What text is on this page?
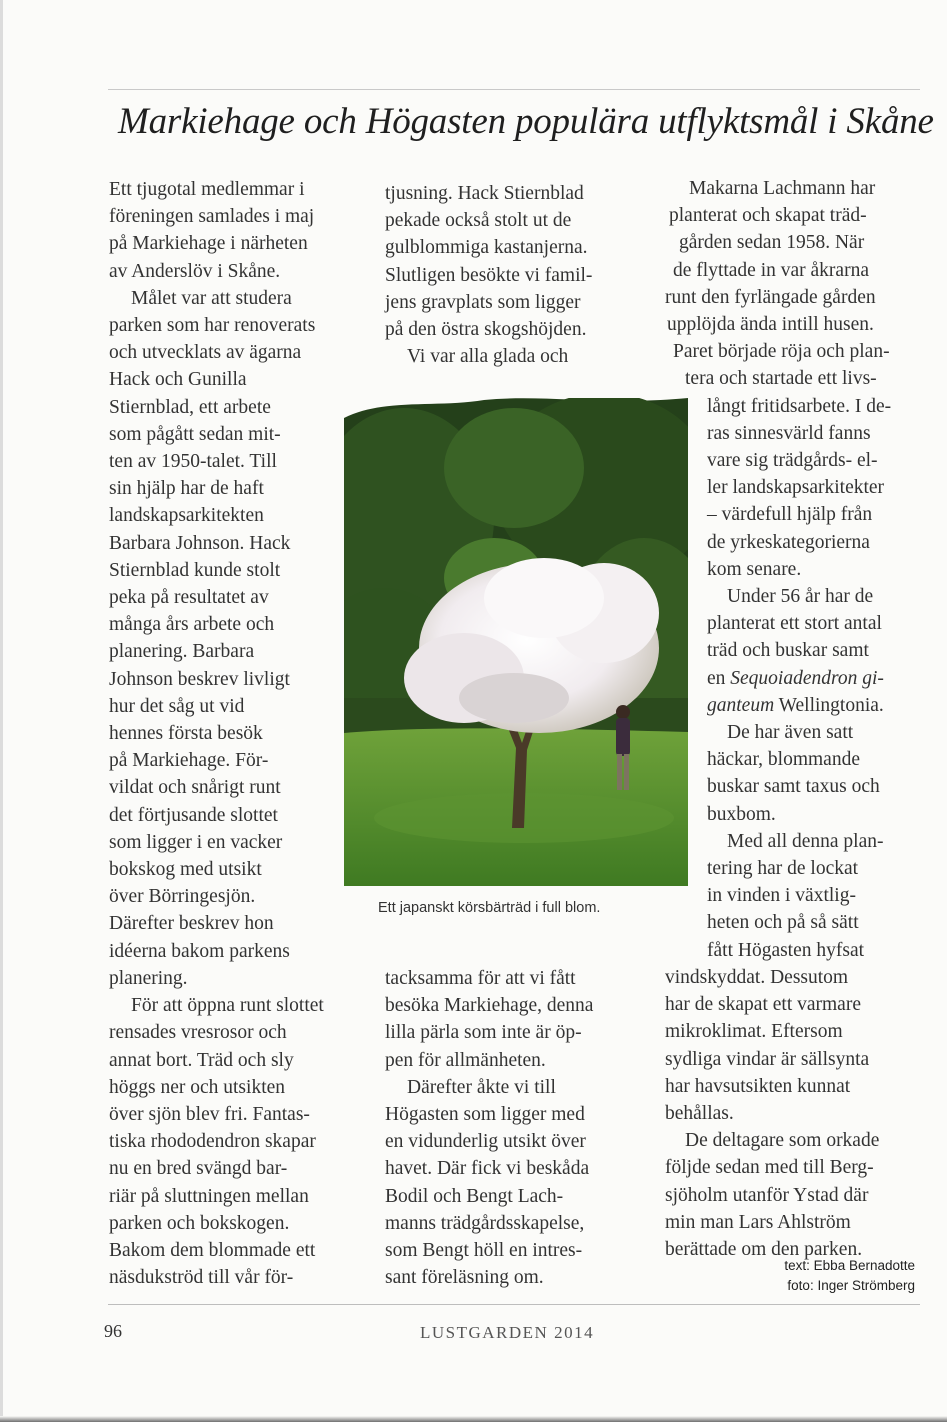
Markiehage och Högasten populära utflyktsmål i Skåne
Ett tjugotal medlemmar i
föreningen samlades i maj
på Markiehage i närheten
av Anderslöv i Skåne.
Målet var att studera
parken som har renoverats
och utvecklats av ägarna
Hack och Gunilla
Stiernblad, ett arbete
som pågått sedan mit-
ten av 1950-talet. Till
sin hjälp har de haft
landskapsarkitekten
Barbara Johnson. Hack
Stiernblad kunde stolt
peka på resultatet av
många års arbete och
planering. Barbara
Johnson beskrev livligt
hur det såg ut vid
hennes första besök
på Markiehage. För-
vildat och snårigt runt
det förtjusande slottet
som ligger i en vacker
bokskog med utsikt
över Börringesjön.
Därefter beskrev hon
idéerna bakom parkens
planering.
För att öppna runt slottet
rensades vresrosor och
annat bort. Träd och sly
höggs ner och utsikten
över sjön blev fri. Fantas-
tiska rhododendron skapar
nu en bred svängd bar-
riär på sluttningen mellan
parken och bokskogen.
Bakom dem blommade ett
näsdukströd till vår för-
tjusning. Hack Stiernblad
pekade också stolt ut de
gulblommiga kastanjerna.
Slutligen besökte vi famil-
jens gravplats som ligger
på den östra skogshöjden.
Vi var alla glada och
Ett japanskt körsbärträd i full blom.
tacksamma för att vi fått
besöka Markiehage, denna
lilla pärla som inte är öp-
pen för allmänheten.
Därefter åkte vi till
Högasten som ligger med
en vidunderlig utsikt över
havet. Där fick vi beskåda
Bodil och Bengt Lach-
manns trädgårdsskapelse,
som Bengt höll en intres-
sant föreläsning om.
Makarna Lachmann har
planterat och skapat träd-
gården sedan 1958. När
de flyttade in var åkrarna
runt den fyrlängade gården
upplöjda ända intill husen.
Paret började röja och plan-
tera och startade ett livs-
långt fritidsarbete. I de-
ras sinnesvärld fanns
vare sig trädgårds- el-
ler landskapsarkitekter
– värdefull hjälp från
de yrkeskategorierna
kom senare.
Under 56 år har de
planterat ett stort antal
träd och buskar samt
en Sequoiadendron gi-
ganteum Wellingtonia.
De har även satt
häckar, blommande
buskar samt taxus och
buxbom.
Med all denna plan-
tering har de lockat
in vinden i växtlig-
heten och på så sätt
fått Högasten hyfsat
vindskyddat. Dessutom
har de skapat ett varmare
mikroklimat. Eftersom
sydliga vindar är sällsynta
har havsutsikten kunnat
behållas.
De deltagare som orkade
följde sedan med till Berg-
sjöholm utanför Ystad där
min man Lars Ahlström
berättade om den parken.
text: Ebba Bernadotte
foto: Inger Strömberg
96	LUSTGARDEN 2014
